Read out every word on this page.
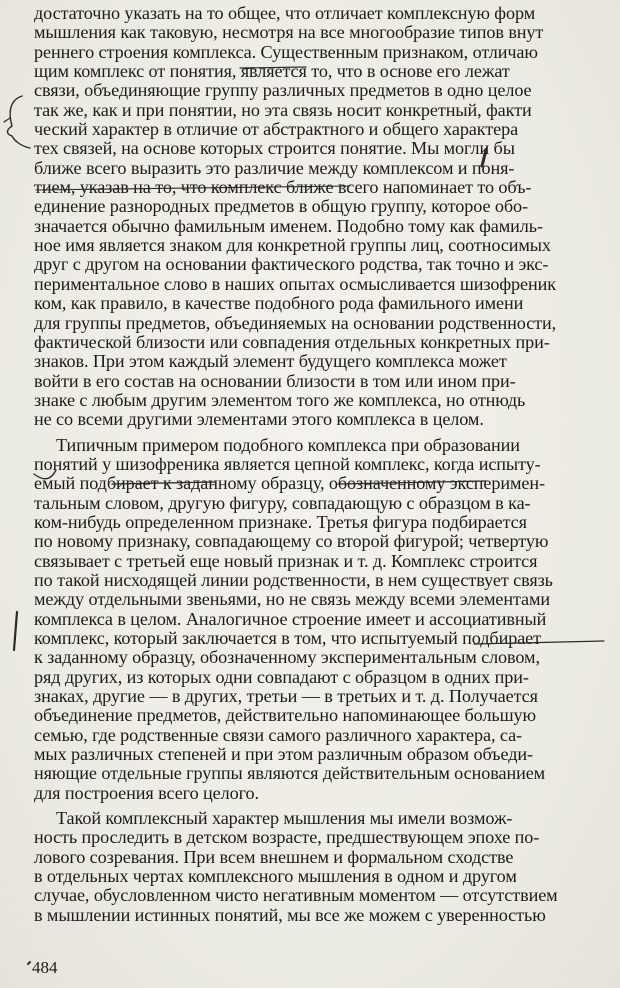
достаточно указать на то общее, что отличает комплексную форм
мышления как таковую, несмотря на все многообразие типов внут
реннего строения комплекса. Существенным признаком, отличаю
щим комплекс от понятия, является то, что в основе его лежат
связи, объединяющие группу различных предметов в одно целое
так же, как и при понятии, но эта связь носит конкретный, факти
ческий характер в отличие от абстрактного и общего характера
тех связей, на основе которых строится понятие. Мы могли бы
ближе всего выразить это различие между комплексом и поня-
тием, указав на то, что комплекс ближе всего напоминает то объ-
единение разнородных предметов в общую группу, которое обо-
значается обычно фамильным именем. Подобно тому как фамиль-
ное имя является знаком для конкретной группы лиц, соотносимых
друг с другом на основании фактического родства, так точно и экс-
периментальное слово в наших опытах осмысливается шизофреник
ком, как правило, в качестве подобного рода фамильного имени
для группы предметов, объединяемых на основании родственности,
фактической близости или совпадения отдельных конкретных при-
знаков. При этом каждый элемент будущего комплекса может
войти в его состав на основании близости в том или ином при-
знаке с любым другим элементом того же комплекса, но отнюдь
не со всеми другими элементами этого комплекса в целом.
Типичным примером подобного комплекса при образовании
понятий у шизофреника является цепной комплекс, когда испыту-
емый подбирает к заданному образцу, обозначенному эксперимен-
тальным словом, другую фигуру, совпадающую с образцом в ка-
ком-нибудь определенном признаке. Третья фигура подбирается
по новому признаку, совпадающему со второй фигурой; четвертую
связывает с третьей еще новый признак и т. д. Комплекс строится
по такой нисходящей линии родственности, в нем существует связь
между отдельными звеньями, но не связь между всеми элементами
комплекса в целом. Аналогичное строение имеет и ассоциативный
комплекс, который заключается в том, что испытуемый подбирает
к заданному образцу, обозначенному экспериментальным словом,
ряд других, из которых одни совпадают с образцом в одних при-
знаках, другие — в других, третьи — в третьих и т. д. Получается
объединение предметов, действительно напоминающее большую
семью, где родственные связи самого различного характера, са-
мых различных степеней и при этом различным образом объеди-
няющие отдельные группы являются действительным основанием
для построения всего целого.
Такой комплексный характер мышления мы имели возмож-
ность проследить в детском возрасте, предшествующем эпохе по-
лового созревания. При всем внешнем и формальном сходстве
в отдельных чертах комплексного мышления в одном и другом
случае, обусловленном чисто негативным моментом — отсутствием
в мышлении истинных понятий, мы все же можем с уверенностью
484
